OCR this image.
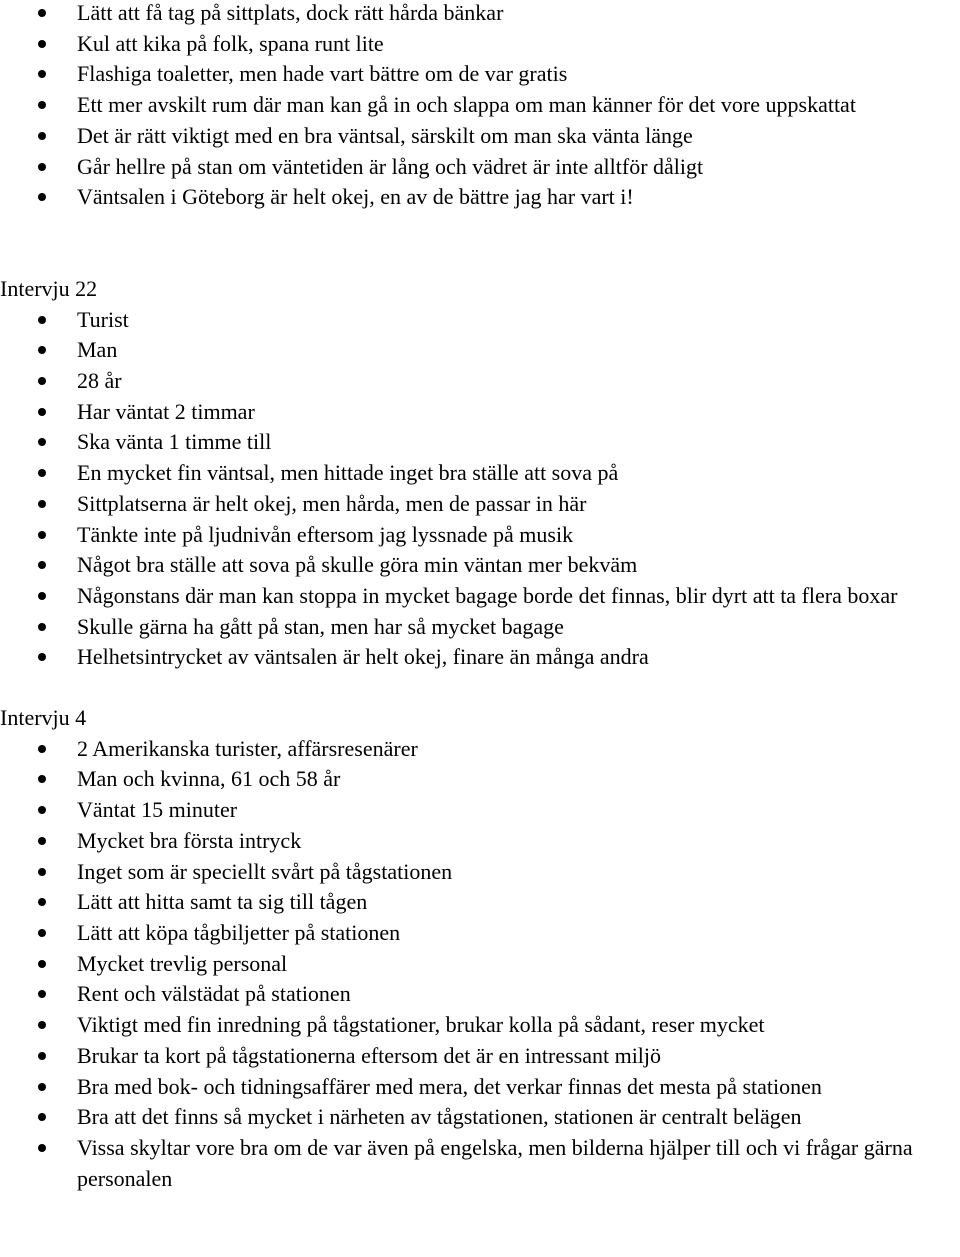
Lätt att få tag på sittplats, dock rätt hårda bänkar
Kul att kika på folk, spana runt lite
Flashiga toaletter, men hade vart bättre om de var gratis
Ett mer avskilt rum där man kan gå in och slappa om man känner för det vore uppskattat
Det är rätt viktigt med en bra väntsal, särskilt om man ska vänta länge
Går hellre på stan om väntetiden är lång och vädret är inte alltför dåligt
Väntsalen i Göteborg är helt okej, en av de bättre jag har vart i!
Intervju 22
Turist
Man
28 år
Har väntat 2 timmar
Ska vänta 1 timme till
En mycket fin väntsal, men hittade inget bra ställe att sova på
Sittplatserna är helt okej, men hårda, men de passar in här
Tänkte inte på ljudnivån eftersom jag lyssnade på musik
Något bra ställe att sova på skulle göra min väntan mer bekväm
Någonstans där man kan stoppa in mycket bagage borde det finnas, blir dyrt att ta flera boxar
Skulle gärna ha gått på stan, men har så mycket bagage
Helhetsintrycket av väntsalen är helt okej, finare än många andra
Intervju 4
2 Amerikanska turister, affärsresenärer
Man och kvinna, 61 och 58 år
Väntat 15 minuter
Mycket bra första intryck
Inget som är speciellt svårt på tågstationen
Lätt att hitta samt ta sig till tågen
Lätt att köpa tågbiljetter på stationen
Mycket trevlig personal
Rent och välstädat på stationen
Viktigt med fin inredning på tågstationer, brukar kolla på sådant, reser mycket
Brukar ta kort på tågstationerna eftersom det är en intressant miljö
Bra med bok- och tidningsaffärer med mera, det verkar finnas det mesta på stationen
Bra att det finns så mycket i närheten av tågstationen, stationen är centralt belägen
Vissa skyltar vore bra om de var även på engelska, men bilderna hjälper till och vi frågar gärna personalen
